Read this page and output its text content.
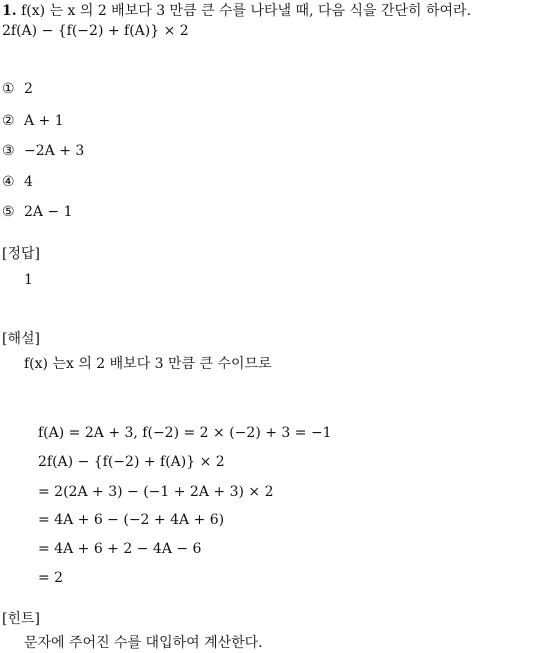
1. f(x) 는 x 의 2 배보다 3 만큼 큰 수를 나타낼 때, 다음 식을 간단히 하여라.
2f(A) − {f(−2) + f(A)} × 2
① 2
② A + 1
③ −2A + 3
④ 4
⑤ 2A − 1
[정답]
1
[해설]
f(x) 는x 의 2 배보다 3 만큼 큰 수이므로
f(A) = 2A + 3, f(−2) = 2 × (−2) + 3 = −1
2f(A) − {f(−2) + f(A)} × 2
= 2(2A + 3) − (−1 + 2A + 3) × 2
= 4A + 6 − (−2 + 4A + 6)
= 4A + 6 + 2 − 4A − 6
= 2
[힌트]
문자에 주어진 수를 대입하여 계산한다.
